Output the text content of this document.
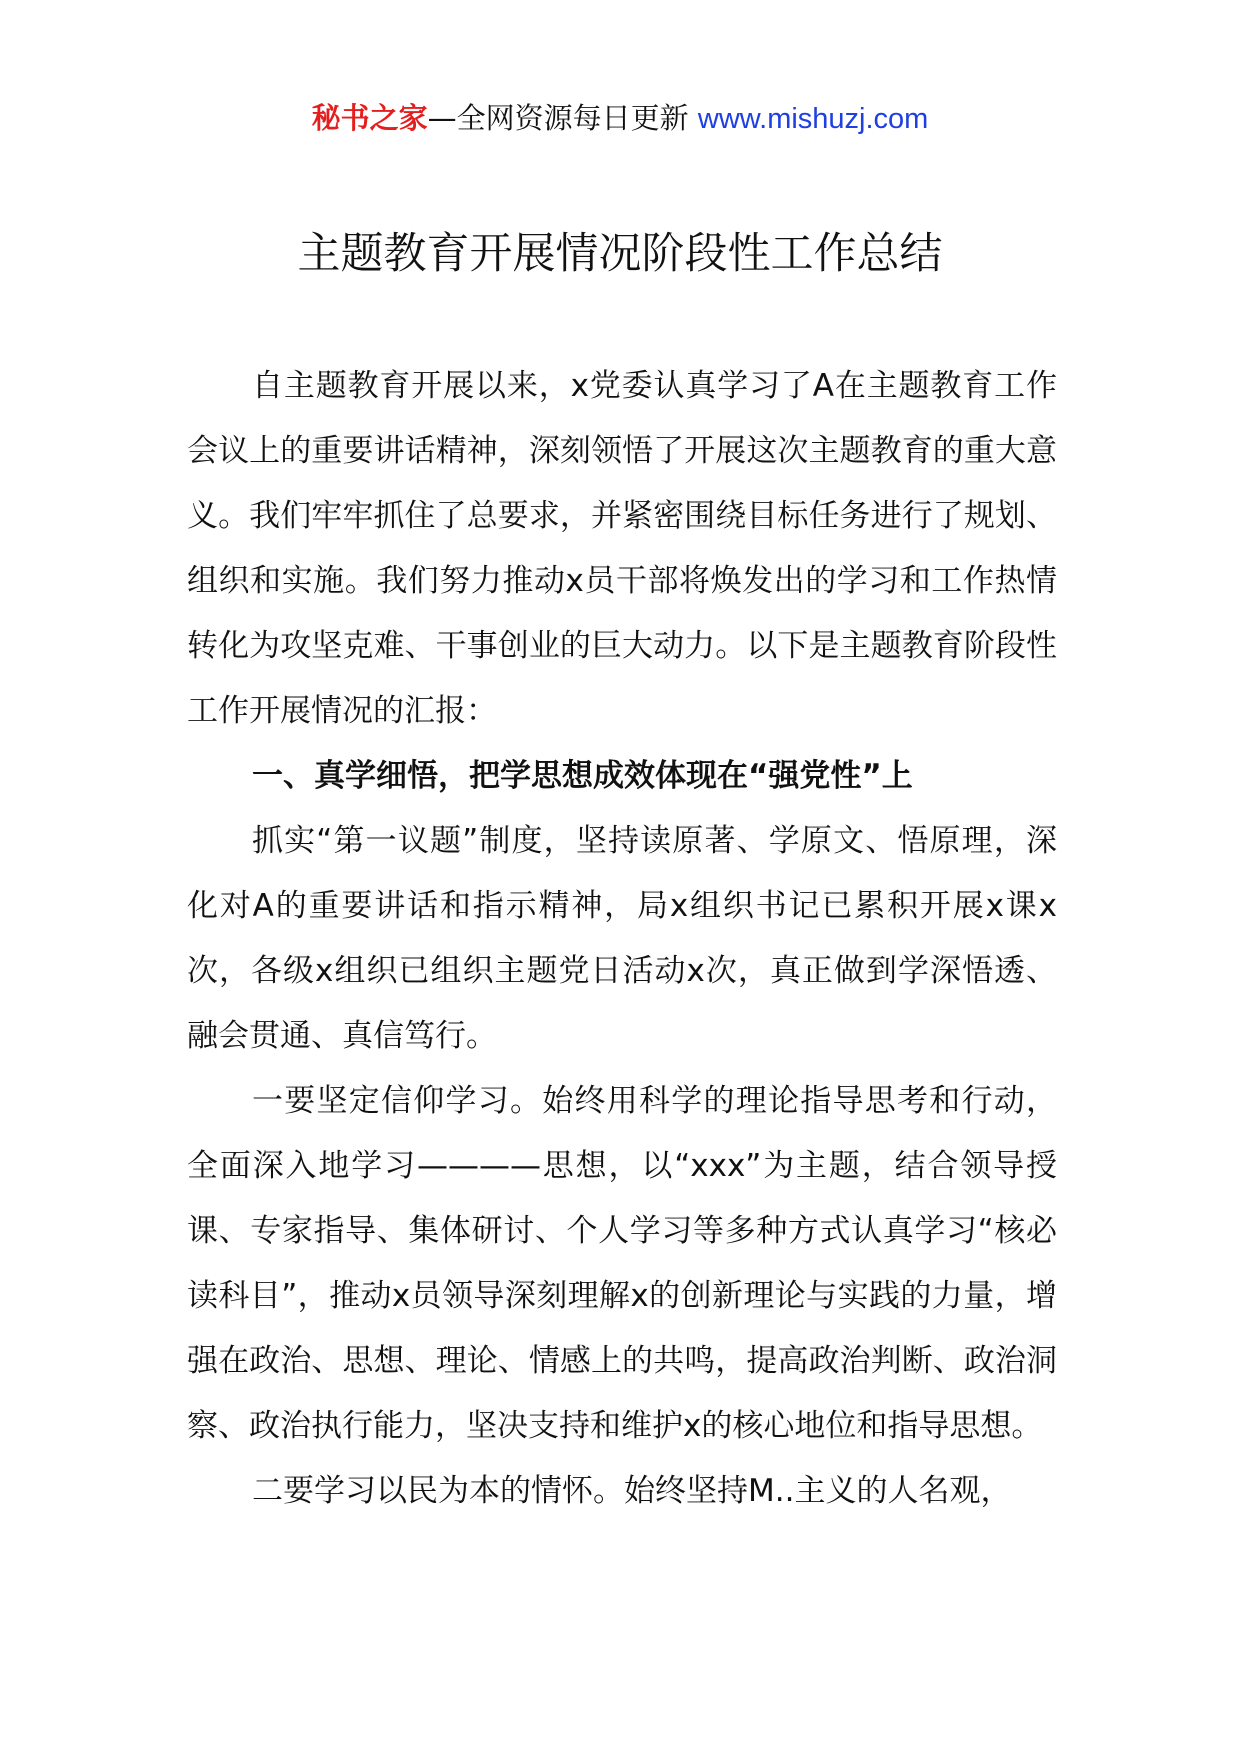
秘书之家—全网资源每日更新 www.mishuzj.com
主题教育开展情况阶段性工作总结

自主题教育开展以来，x党委认真学习了A在主题教育工作会议上的重要讲话精神，深刻领悟了开展这次主题教育的重大意义。我们牢牢抓住了总要求，并紧密围绕目标任务进行了规划、组织和实施。我们努力推动x员干部将焕发出的学习和工作热情转化为攻坚克难、干事创业的巨大动力。以下是主题教育阶段性工作开展情况的汇报：

一、真学细悟，把学思想成效体现在“强党性”上

抓实“第一议题”制度，坚持读原著、学原文、悟原理，深化对A的重要讲话和指示精神，局x组织书记已累积开展x课x次，各级x组织已组织主题党日活动x次，真正做到学深悟透、融会贯通、真信笃行。

一要坚定信仰学习。始终用科学的理论指导思考和行动，全面深入地学习————思想，以“xxx”为主题，结合领导授课、专家指导、集体研讨、个人学习等多种方式认真学习“核必读科目”，推动x员领导深刻理解x的创新理论与实践的力量，增强在政治、思想、理论、情感上的共鸣，提高政治判断、政治洞察、政治执行能力，坚决支持和维护x的核心地位和指导思想。

二要学习以民为本的情怀。始终坚持M..主义的人名观，
